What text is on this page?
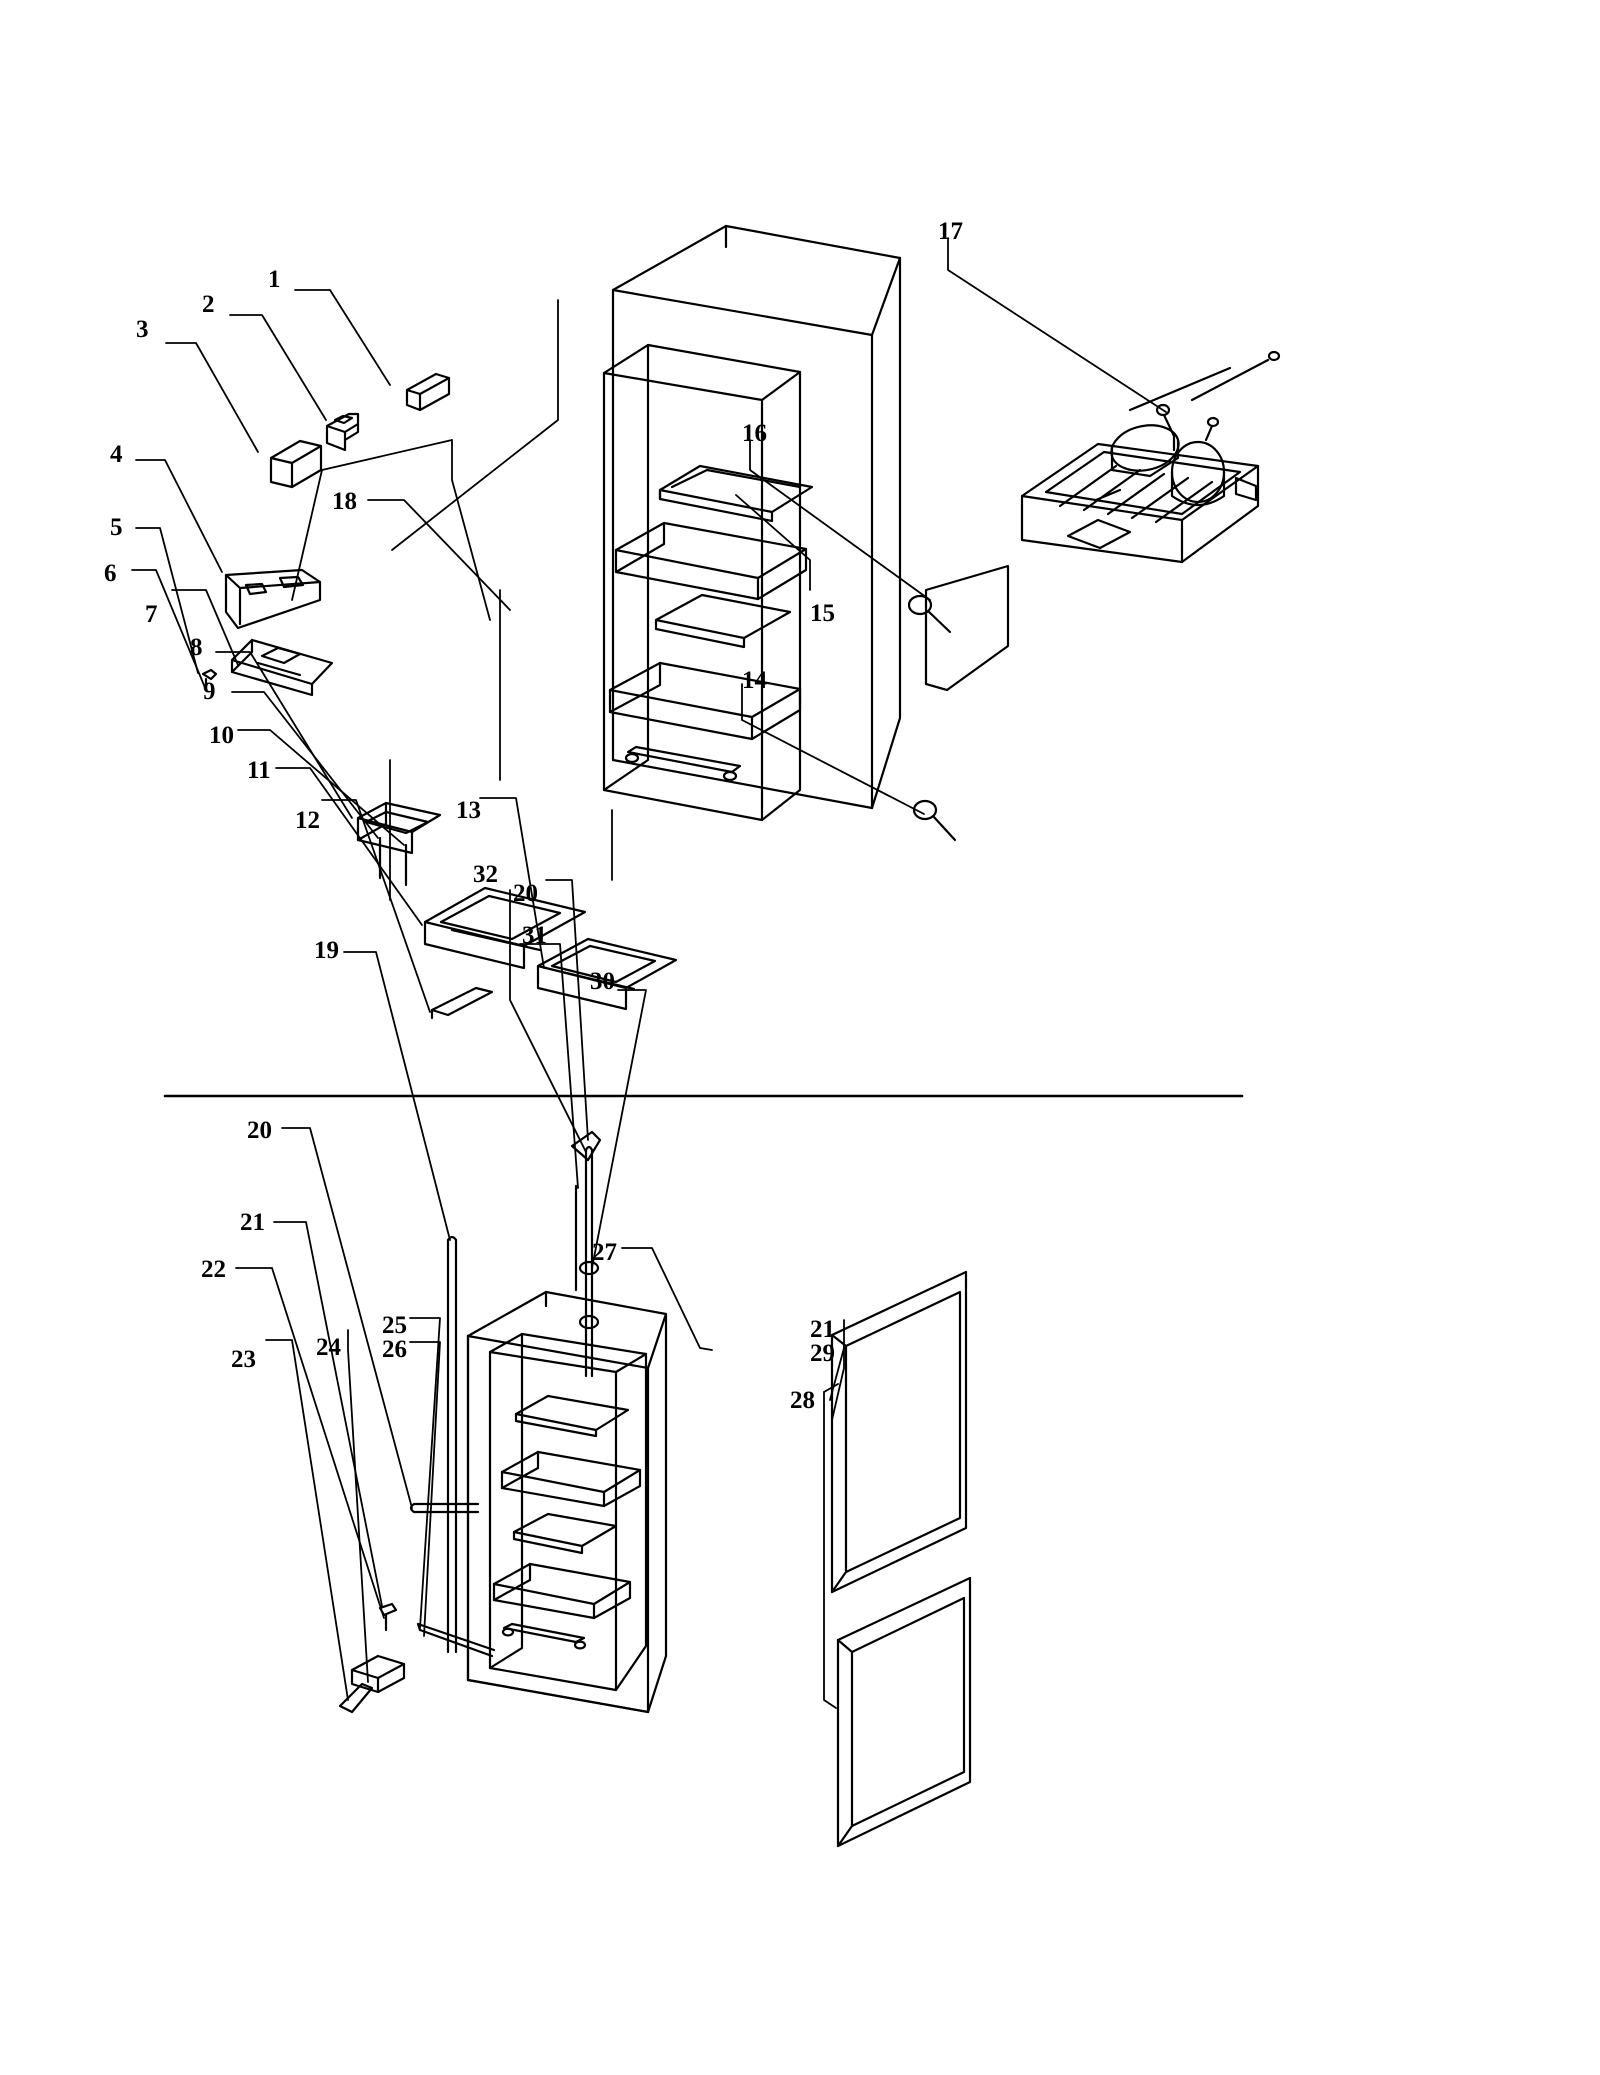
1
2
3
4
5
6
7
8
9
10
11
12	13
14
15
16
17
18
19
20
20
21
21
22
23 24
25
26
27
28
29
30
31
32
